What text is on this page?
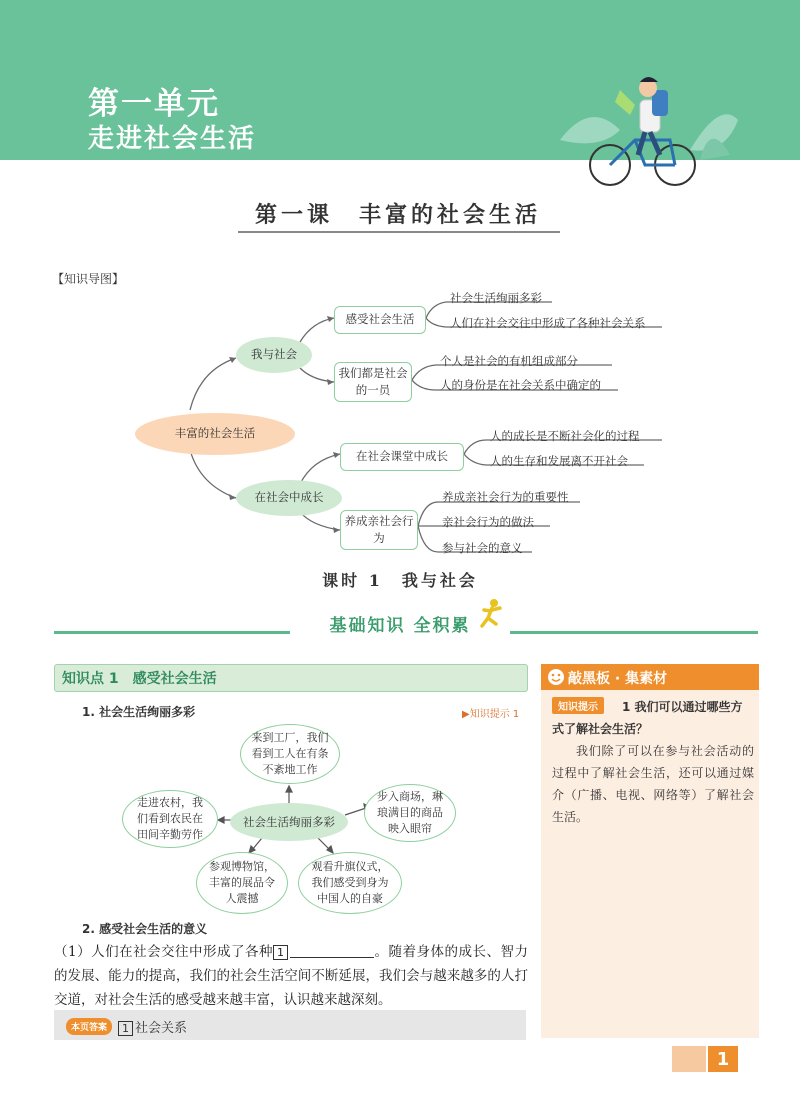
第一单元
走进社会生活
第一课　丰富的社会生活
【知识导图】
丰富的社会生活
我与社会
在社会中成长
感受社会生活
我们都是社会的一员
在社会课堂中成长
养成亲社会行为
社会生活绚丽多彩
人们在社会交往中形成了各种社会关系
个人是社会的有机组成部分
人的身份是在社会关系中确定的
人的成长是不断社会化的过程
人的生存和发展离不开社会
养成亲社会行为的重要性
亲社会行为的做法
参与社会的意义
课时 1　我与社会
基础知识 全积累
知识点 1　感受社会生活
1. 社会生活绚丽多彩	▶知识提示 1
社会生活绚丽多彩
来到工厂，我们看到工人在有条不紊地工作
步入商场，琳琅满目的商品映入眼帘
观看升旗仪式，我们感受到身为中国人的自豪
参观博物馆，丰富的展品令人震撼
走进农村，我们看到农民在田间辛勤劳作
2. 感受社会生活的意义
（1）人们在社会交往中形成了各种 1	。随着身体的成长、智力的发展、能力的提高，我们的社会生活空间不断延展，我们会与越来越多的人打交道，对社会生活的感受越来越丰富，认识越来越深刻。
本页答案	1 社会关系
敲黑板 · 集素材
1 我们可以通过哪些方式了解社会生活？
知识提示
我们除了可以在参与社会活动的过程中了解社会生活，还可以通过媒介（广播、电视、网络等）了解社会生活。
1
